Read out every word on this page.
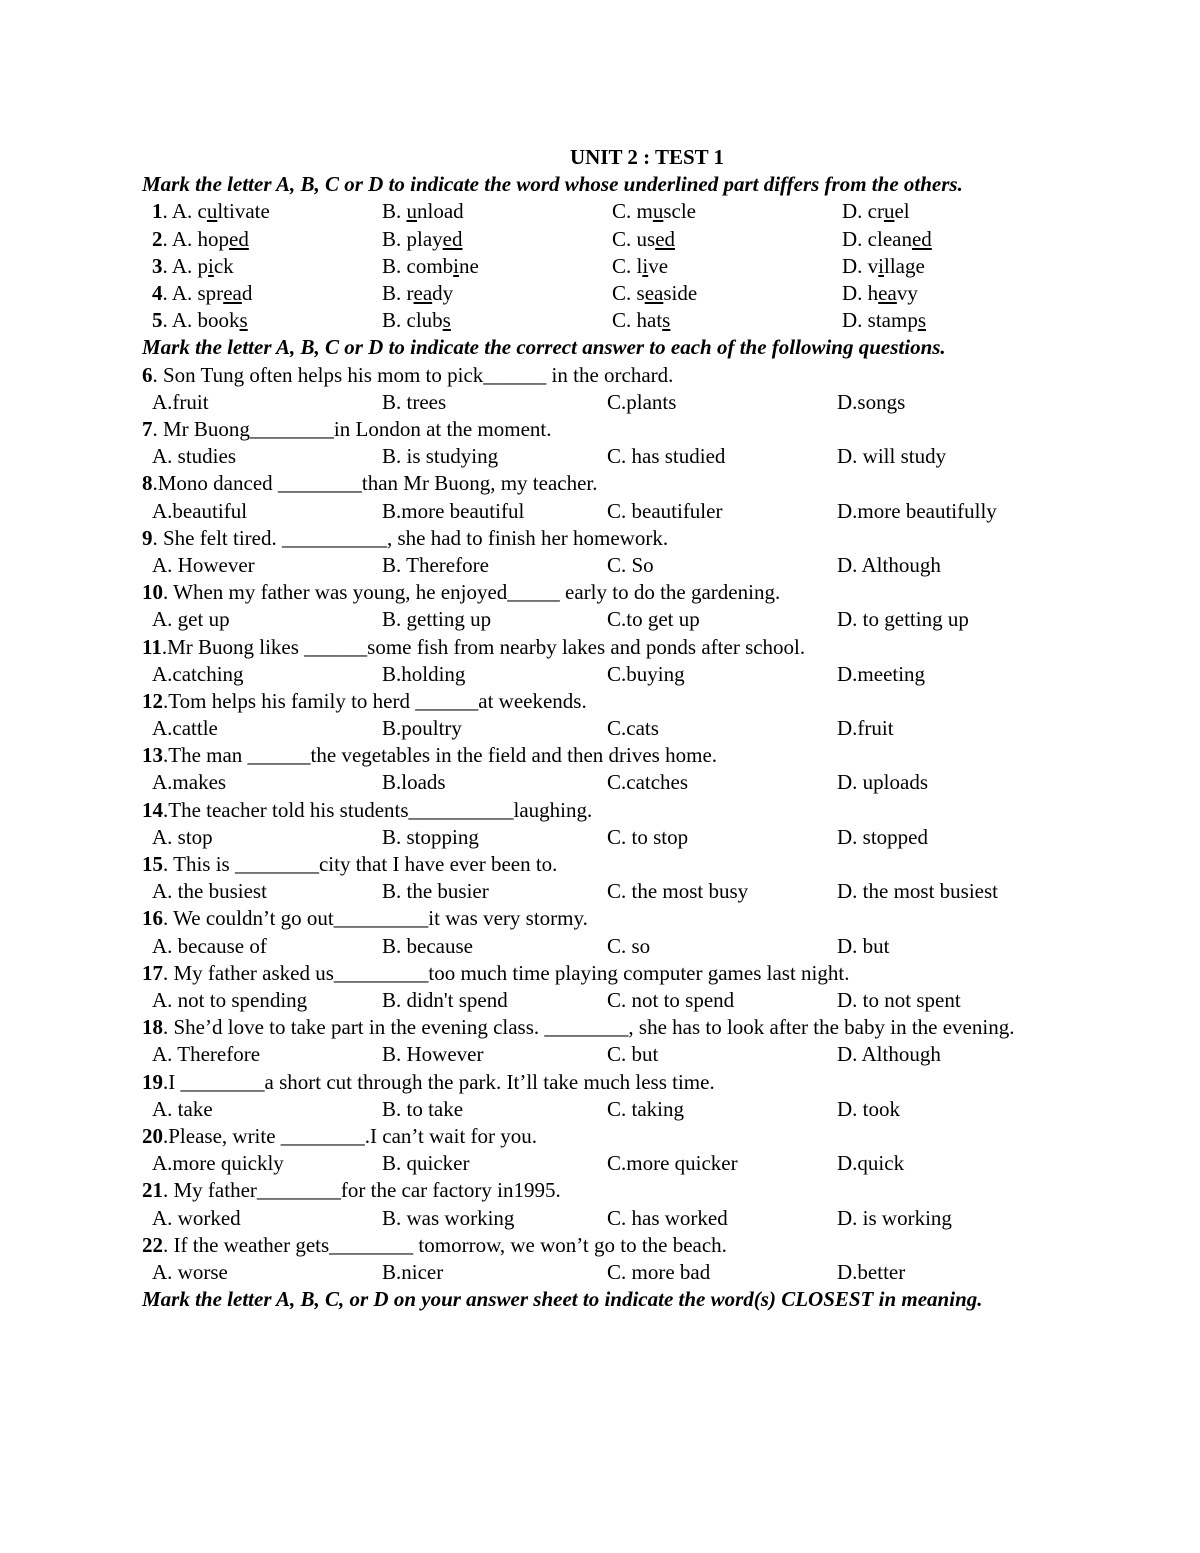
UNIT 2 : TEST 1
Mark the letter A, B, C or D to indicate the word whose underlined part differs from the others.
1. A. cultivate	B. unload	C. muscle	D. cruel
2. A. hoped	B. played	C. used	D. cleaned
3. A. pick	B. combine	C. live	D. village
4. A. spread	B. ready	C. seaside	D. heavy
5. A. books	B. clubs	C. hats	D. stamps
Mark the letter A, B, C or D to indicate the correct answer to each of the following questions.
6. Son Tung often helps his mom to pick______ in the orchard.
A.fruit	B. trees	C.plants	D.songs
7. Mr Buong________in London at the moment.
A. studies	B. is studying	C. has studied	D. will study
8.Mono danced ________than Mr Buong, my teacher.
A.beautiful	B.more beautiful	C. beautifuler	D.more beautifully
9. She felt tired. __________, she had to finish her homework.
A. However	B. Therefore	C. So	D. Although
10. When my father was young, he enjoyed_____ early to do the gardening.
A. get up	B. getting up	C.to get up	D. to getting up
11.Mr Buong likes ______some fish from nearby lakes and ponds after school.
A.catching	B.holding	C.buying	D.meeting
12.Tom helps his family to herd ______at weekends.
A.cattle	B.poultry	C.cats	D.fruit
13.The man ______the vegetables in the field and then drives home.
A.makes	B.loads	C.catches	D. uploads
14.The teacher told his students__________laughing.
A. stop	B. stopping	C. to stop	D. stopped
15. This is ________city that I have ever been to.
A. the busiest	B. the busier	C. the most busy	D. the most busiest
16. We couldn’t go out_________it was very stormy.
A. because of	B. because	C. so	D. but
17. My father asked us_________too much time playing computer games last night.
A. not to spending	B. didn't spend	C. not to spend	D. to not spent
18. She’d love to take part in the evening class. ________, she has to look after the baby in the evening.
A. Therefore	B. However	C. but	D. Although
19.I ________a short cut through the park. It’ll take much less time.
A. take	B. to take	C. taking	D. took
20.Please, write ________.I can’t wait for you.
A.more quickly	B. quicker	C.more quicker	D.quick
21. My father________for the car factory in1995.
A. worked	B. was working	C. has worked	D. is working
22. If the weather gets________ tomorrow, we won’t go to the beach.
A. worse	B.nicer	C. more bad	D.better
Mark the letter A, B, C, or D on your answer sheet to indicate the word(s) CLOSEST in meaning.
